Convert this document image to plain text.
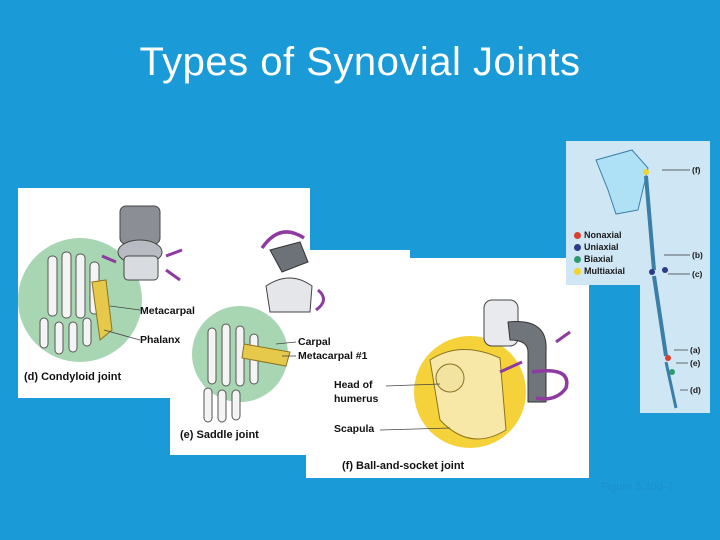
Types of Synovial Joints
Metacarpal
Phalanx
(d) Condyloid joint
Carpal
Metacarpal #1
(e) Saddle joint
Head of
humerus
Scapula
(f) Ball-and-socket joint
Nonaxial
Uniaxial
Biaxial
Multiaxial
(f)
(b)
(c)
(a)
(e)
(d)
Figure 5.30d–f
